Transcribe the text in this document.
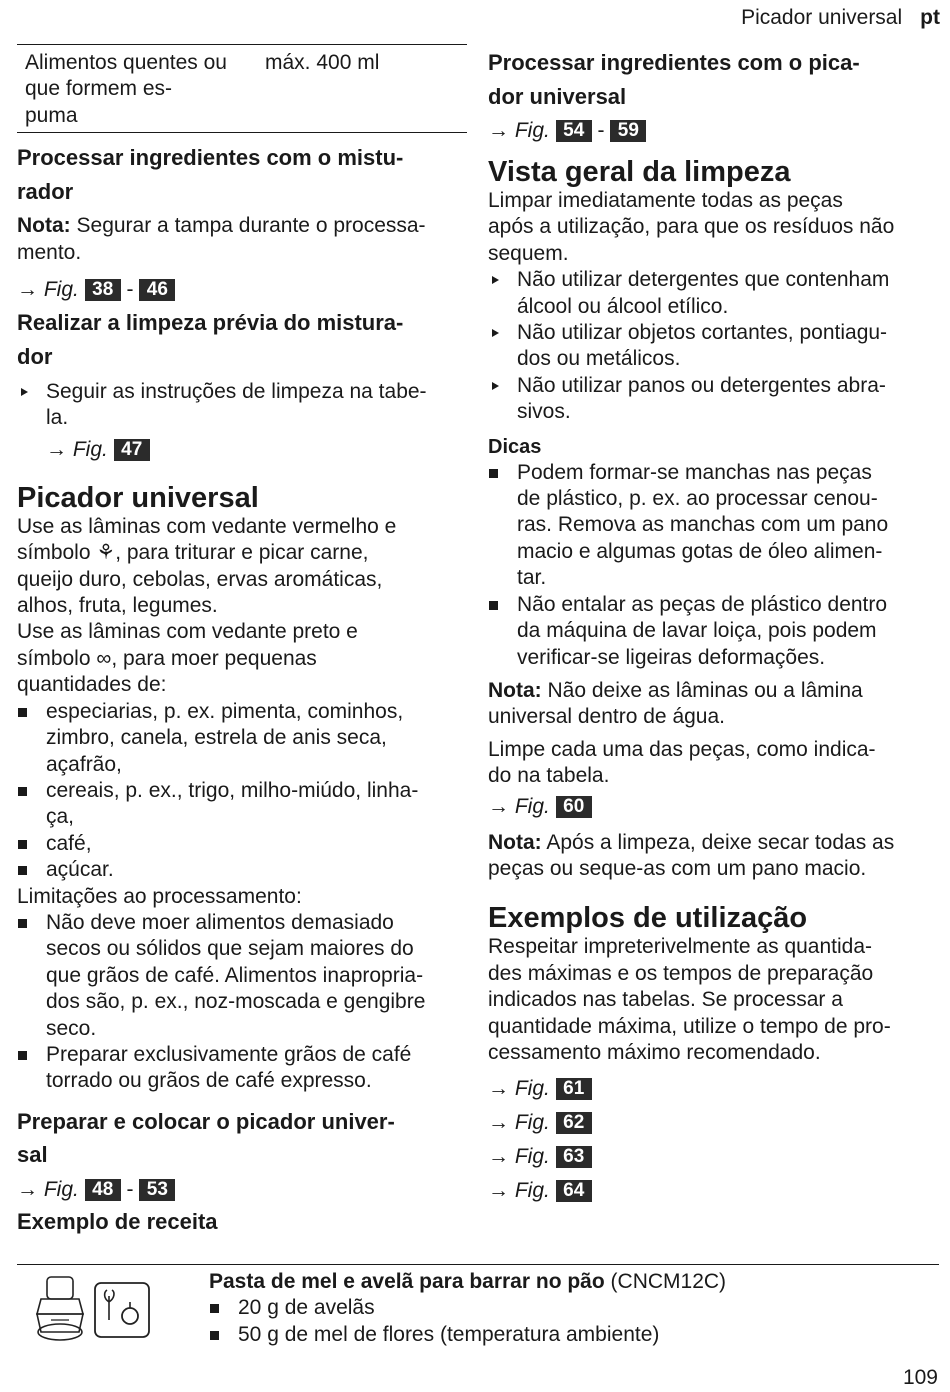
Picador universal pt
Alimentos quentes ou que formem es-
puma	máx. 400 ml

Processar ingredientes com o mistu-
rador

Nota: Segurar a tampa durante o processa-
mento.

→ Fig. 38 - 46

Realizar a limpeza prévia do misturа-
dor

Seguir as instruções de limpeza na tabe-
la.

→ Fig. 47

Picador universal

Use as lâminas com vedante vermelho e
símbolo ⚘, para triturar e picar carne,
queijo duro, cebolas, ervas aromáticas,
alhos, fruta, legumes.
Use as lâminas com vedante preto e
símbolo ∞, para moer pequenas
quantidades de:

especiarias, p. ex. pimenta, cominhos,
zimbro, canela, estrela de anis seca,
açafrão,
cereais, p. ex., trigo, milho-miúdo, linha-
ça,
café,
açúcar.

Limitações ao processamento:

Não deve moer alimentos demasiado
secos ou sólidos que sejam maiores do
que grãos de café. Alimentos inapropria-
dos são, p. ex., noz-moscada e gengibre
seco.
Preparar exclusivamente grãos de café
torrado ou grãos de café expresso.

Preparar e colocar o picador univer-
sal

→ Fig. 48 - 53

Exemplo de receita

Processar ingredientes com o pica-
dor universal

→ Fig. 54 - 59

Vista geral da limpeza

Limpar imediatamente todas as peças
após a utilização, para que os resíduos não
sequem.

Não utilizar detergentes que contenham
álcool ou álcool etílico.
Não utilizar objetos cortantes, pontiagu-
dos ou metálicos.
Não utilizar panos ou detergentes abra-
sivos.

Dicas

Podem formar-se manchas nas peças
de plástico, p. ex. ao processar cenou-
ras. Remova as manchas com um pano
macio e algumas gotas de óleo alimen-
tar.
Não entalar as peças de plástico dentro
da máquina de lavar loiça, pois podem
verificar-se ligeiras deformações.

Nota: Não deixe as lâminas ou a lâmina
universal dentro de água.

Limpe cada uma das peças, como indica-
do na tabela.

→ Fig. 60

Nota: Após a limpeza, deixe secar todas as
peças ou seque-as com um pano macio.

Exemplos de utilização

Respeitar impreterivelmente as quantida-
des máximas e os tempos de preparação
indicados nas tabelas. Se processar a
quantidade máxima, utilize o tempo de pro-
cessamento máximo recomendado.

→ Fig. 61

→ Fig. 62

→ Fig. 63

→ Fig. 64

Pasta de mel e avelã para barrar no pão (CNCM12C)

20 g de avelãs
50 g de mel de flores (temperatura ambiente)
109
